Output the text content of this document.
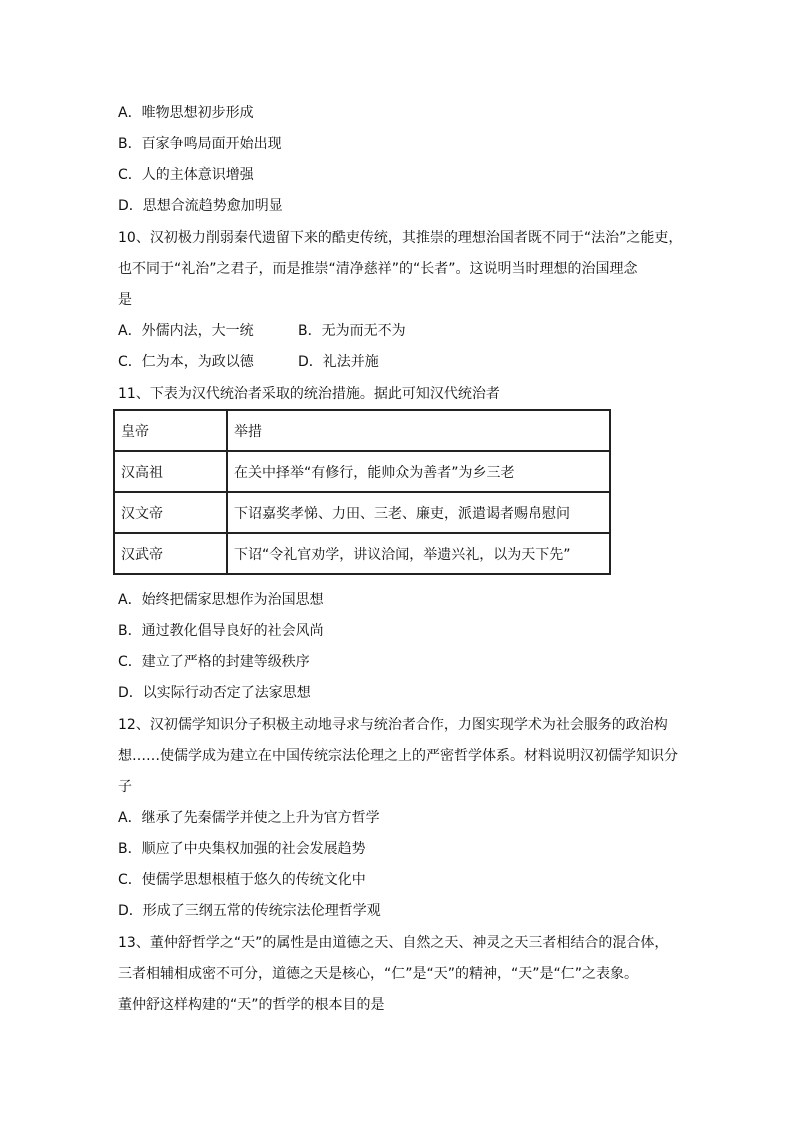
A．唯物思想初步形成
B．百家争鸣局面开始出现
C．人的主体意识增强
D．思想合流趋势愈加明显
10、汉初极力削弱秦代遗留下来的酷吏传统，其推崇的理想治国者既不同于“法治”之能吏，
也不同于“礼治”之君子，而是推崇“清净慈祥”的“长者”。这说明当时理想的治国理念
是
A．外儒内法，大一统	B．无为而无不为
C．仁为本，为政以德	D．礼法并施
11、下表为汉代统治者采取的统治措施。据此可知汉代统治者
皇帝	举措
汉高祖	在关中择举“有修行，能帅众为善者”为乡三老
汉文帝	下诏嘉奖孝悌、力田、三老、廉吏，派遣谒者赐帛慰问
汉武帝	下诏“令礼官劝学，讲议洽闻，举遗兴礼，以为天下先”
A．始终把儒家思想作为治国思想
B．通过教化倡导良好的社会风尚
C．建立了严格的封建等级秩序
D．以实际行动否定了法家思想
12、汉初儒学知识分子积极主动地寻求与统治者合作，力图实现学术为社会服务的政治构
想……使儒学成为建立在中国传统宗法伦理之上的严密哲学体系。材料说明汉初儒学知识分
子
A．继承了先秦儒学并使之上升为官方哲学
B．顺应了中央集权加强的社会发展趋势
C．使儒学思想根植于悠久的传统文化中
D．形成了三纲五常的传统宗法伦理哲学观
13、董仲舒哲学之“天”的属性是由道德之天、自然之天、神灵之天三者相结合的混合体，
三者相辅相成密不可分，道德之天是核心，“仁”是“天”的精神，“天”是“仁”之表象。
董仲舒这样构建的“天”的哲学的根本目的是
